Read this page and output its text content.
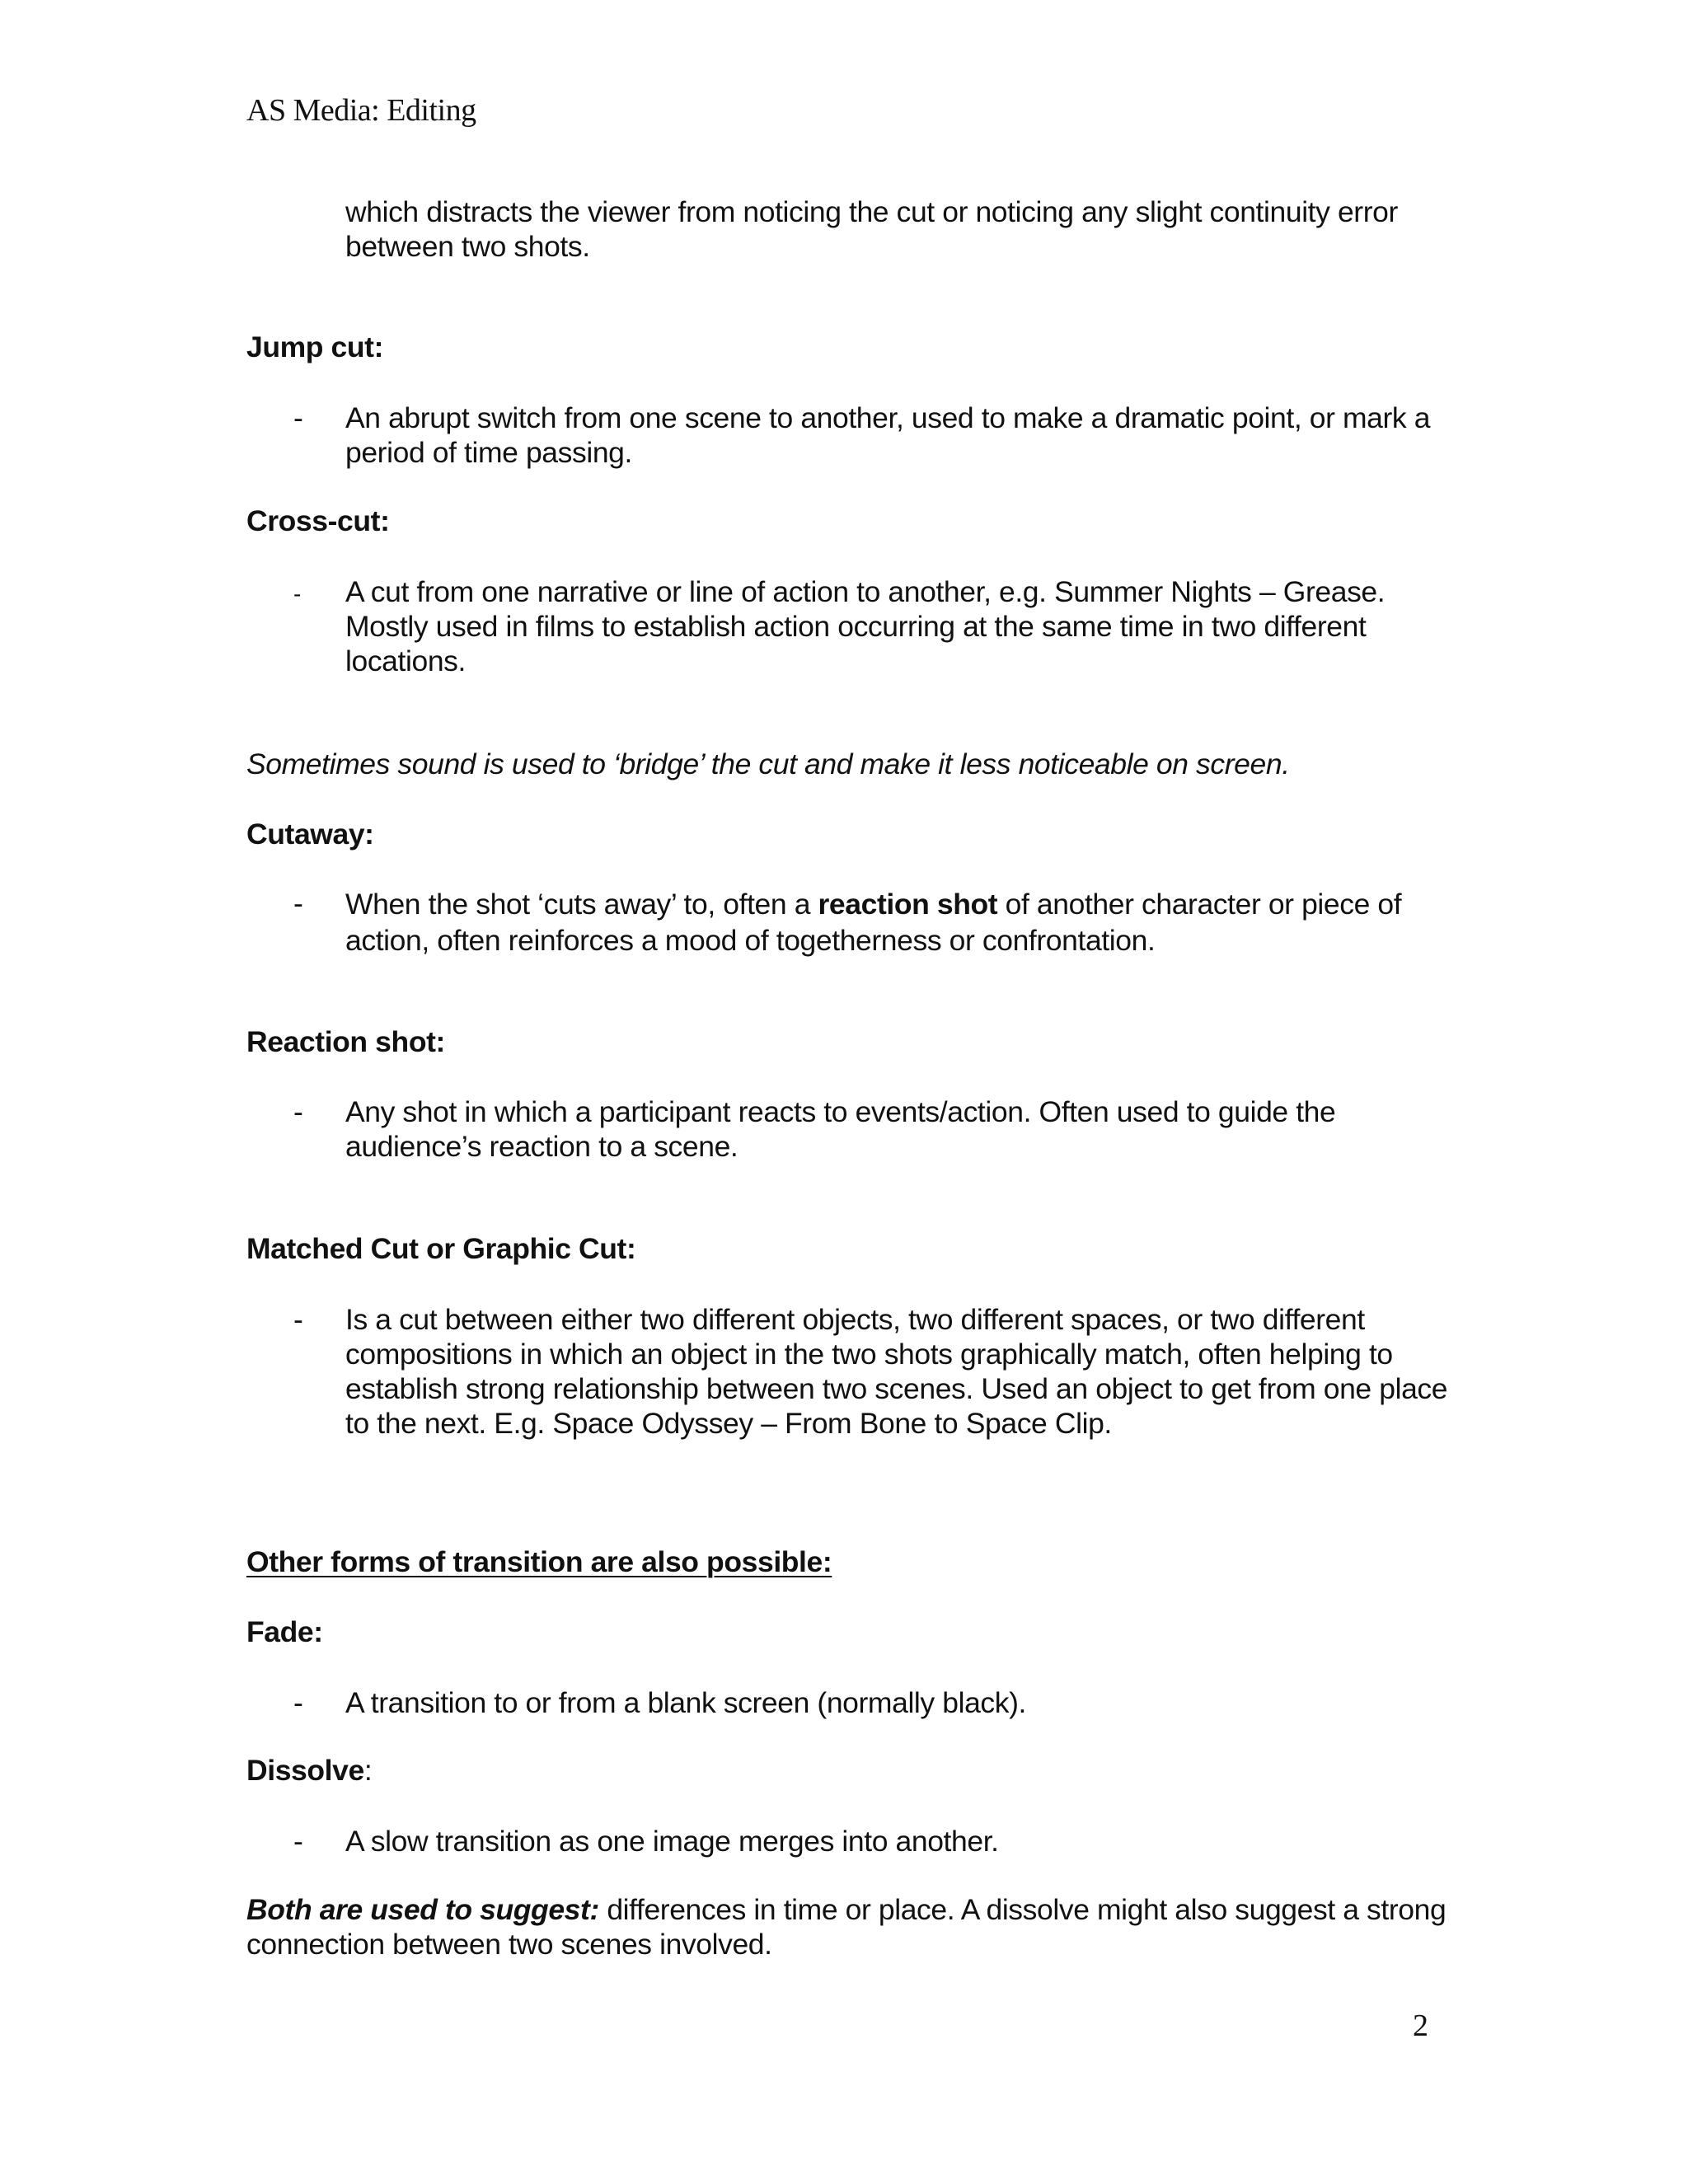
AS Media: Editing
which distracts the viewer from noticing the cut or noticing any slight continuity error between two shots.
Jump cut:
- An abrupt switch from one scene to another, used to make a dramatic point, or mark a period of time passing.
Cross-cut:
- A cut from one narrative or line of action to another, e.g. Summer Nights – Grease. Mostly used in films to establish action occurring at the same time in two different locations.
Sometimes sound is used to ‘bridge’ the cut and make it less noticeable on screen.
Cutaway:
- When the shot ‘cuts away’ to, often a reaction shot of another character or piece of action, often reinforces a mood of togetherness or confrontation.
Reaction shot:
- Any shot in which a participant reacts to events/action. Often used to guide the audience’s reaction to a scene.
Matched Cut or Graphic Cut:
- Is a cut between either two different objects, two different spaces, or two different compositions in which an object in the two shots graphically match, often helping to establish strong relationship between two scenes. Used an object to get from one place to the next. E.g. Space Odyssey – From Bone to Space Clip.
Other forms of transition are also possible:
Fade:
- A transition to or from a blank screen (normally black).
Dissolve:
- A slow transition as one image merges into another.
Both are used to suggest: differences in time or place. A dissolve might also suggest a strong connection between two scenes involved.
2
